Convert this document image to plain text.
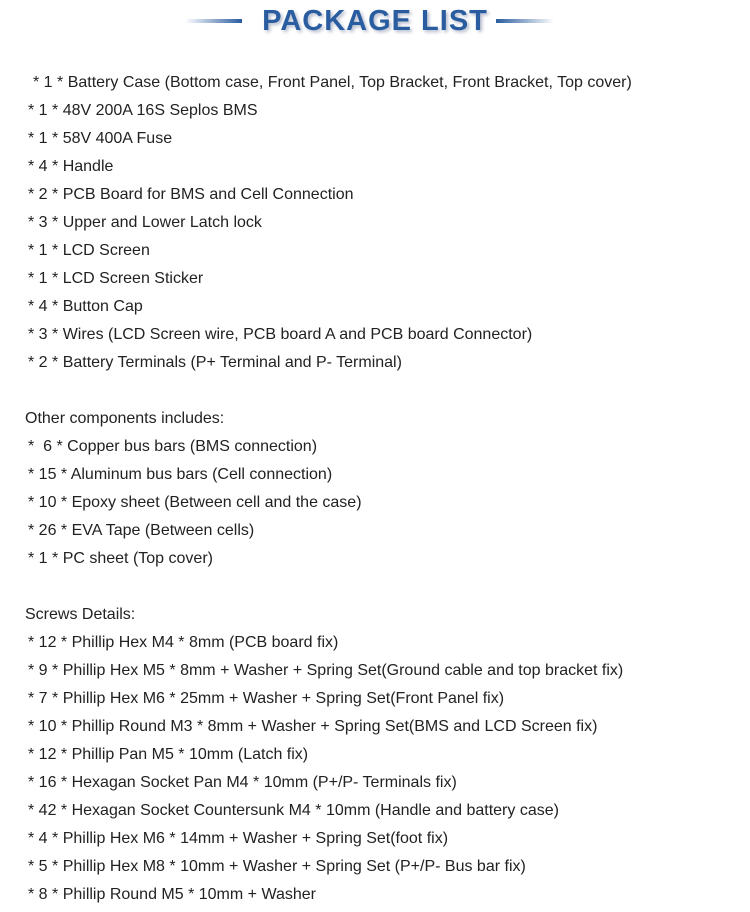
PACKAGE LIST
* 1 * Battery Case (Bottom case, Front Panel, Top Bracket, Front Bracket, Top cover)
* 1 * 48V 200A 16S Seplos BMS
* 1 * 58V 400A Fuse
* 4 * Handle
* 2 * PCB Board for BMS and Cell Connection
* 3 * Upper and Lower Latch lock
* 1 * LCD Screen
* 1 * LCD Screen Sticker
* 4 * Button Cap
* 3 * Wires (LCD Screen wire, PCB board A and PCB board Connector)
* 2 * Battery Terminals (P+ Terminal and P- Terminal)
Other components includes:
*  6 * Copper bus bars (BMS connection)
* 15 * Aluminum bus bars (Cell connection)
* 10 * Epoxy sheet (Between cell and the case)
* 26 * EVA Tape (Between cells)
* 1 * PC sheet (Top cover)
Screws Details:
* 12 * Phillip Hex M4 * 8mm (PCB board fix)
* 9 * Phillip Hex M5 * 8mm + Washer + Spring Set(Ground cable and top bracket fix)
* 7 * Phillip Hex M6 * 25mm + Washer + Spring Set(Front Panel fix)
* 10 * Phillip Round M3 * 8mm + Washer + Spring Set(BMS and LCD Screen fix)
* 12 * Phillip Pan M5 * 10mm (Latch fix)
* 16 * Hexagan Socket Pan M4 * 10mm (P+/P- Terminals fix)
* 42 * Hexagan Socket Countersunk M4 * 10mm (Handle and battery case)
* 4 * Phillip Hex M6 * 14mm + Washer + Spring Set(foot fix)
* 5 * Phillip Hex M8 * 10mm + Washer + Spring Set (P+/P- Bus bar fix)
* 8 * Phillip Round M5 * 10mm + Washer
